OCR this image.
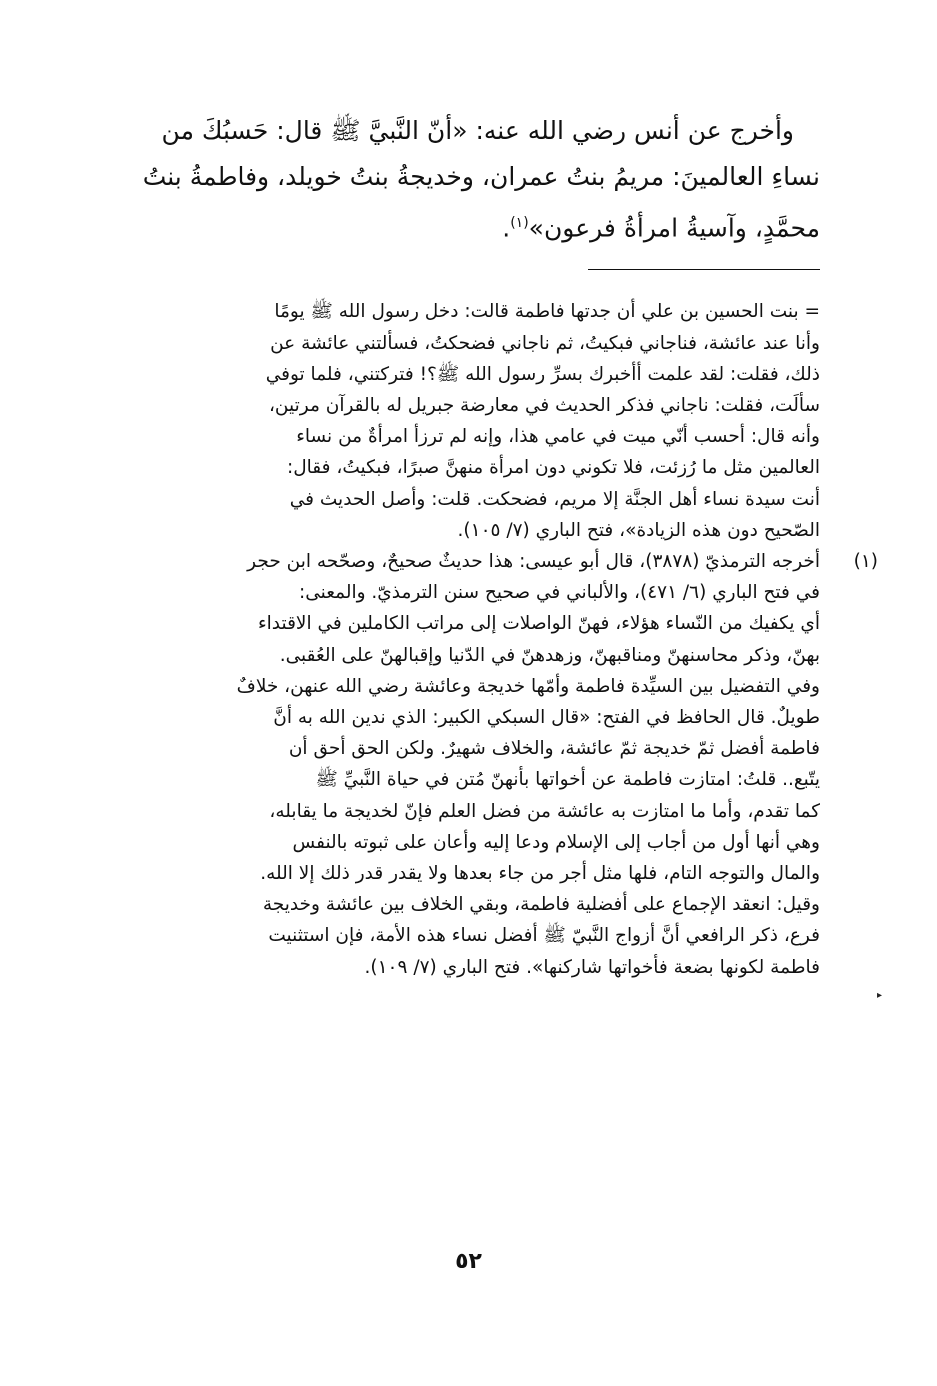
وأخرج عن أنس رضي الله عنه: «أنّ النَّبيَّ ﷺ قال: حَسبُكَ من
نساءِ العالمينَ: مريمُ بنتُ عمران، وخديجةُ بنتُ خويلد، وفاطمةُ بنتُ
محمَّدٍ، وآسيةُ امرأةُ فرعون»$^{(١)}$.

= بنت الحسين بن علي أن جدتها فاطمة قالت: دخل رسول الله ﷺ يومًا
وأنا عند عائشة، فناجاني فبكيتُ، ثم ناجاني فضحكتُ، فسألتني عائشة عن
ذلك، فقلت: لقد علمت أأخبرك بسرِّ رسول الله ﷺ؟! فتركتني، فلما توفي
سألَت، فقلت: ناجاني فذكر الحديث في معارضة جبريل له بالقرآن مرتين،
وأنه قال: أحسب أنّي ميت في عامي هذا، وإنه لم ترزأ امرأةٌ من نساء
العالمين مثل ما رُزئت، فلا تكوني دون امرأة منهنَّ صبرًا، فبكيتُ، فقال:
أنت سيدة نساء أهل الجنَّة إلا مريم، فضحكت. قلت: وأصل الحديث في
الصّحيح دون هذه الزيادة»، فتح الباري (٧/ ١٠٥).
(١)
أخرجه الترمذيّ (٣٨٧٨)، قال أبو عيسى: هذا حديثٌ صحيحٌ، وصحّحه ابن حجر
في فتح الباري (٦/ ٤٧١)، والألباني في صحيح سنن الترمذيّ. والمعنى:
أي يكفيك من النّساء هؤلاء، فهنّ الواصلات إلى مراتب الكاملين في الاقتداء
بهنّ، وذكر محاسنهنّ ومناقبهنّ، وزهدهنّ في الدّنيا وإقبالهنّ على العُقبى.
وفي التفضيل بين السيِّدة فاطمة وأمّها خديجة وعائشة رضي الله عنهن، خلافٌ
طويلٌ. قال الحافظ في الفتح: «قال السبكي الكبير: الذي ندين الله به أنَّ
فاطمة أفضل ثمّ خديجة ثمّ عائشة، والخلاف شهيرٌ. ولكن الحق أحق أن
يتّبع.. قلتُ: امتازت فاطمة عن أخواتها بأنهنّ مُتن في حياة النَّبيِّ ﷺ
كما تقدم، وأما ما امتازت به عائشة من فضل العلم فإنّ لخديجة ما يقابله،
وهي أنها أول من أجاب إلى الإسلام ودعا إليه وأعان على ثبوته بالنفس
والمال والتوجه التام، فلها مثل أجر من جاء بعدها ولا يقدر قدر ذلك إلا الله.
وقيل: انعقد الإجماع على أفضلية فاطمة، وبقي الخلاف بين عائشة وخديجة
فرع، ذكر الرافعي أنَّ أزواج النَّبيّ ﷺ أفضل نساء هذه الأمة، فإن استثنيت
فاطمة لكونها بضعة فأخواتها شاركنها». فتح الباري (٧/ ١٠٩).
▸
٥٢
